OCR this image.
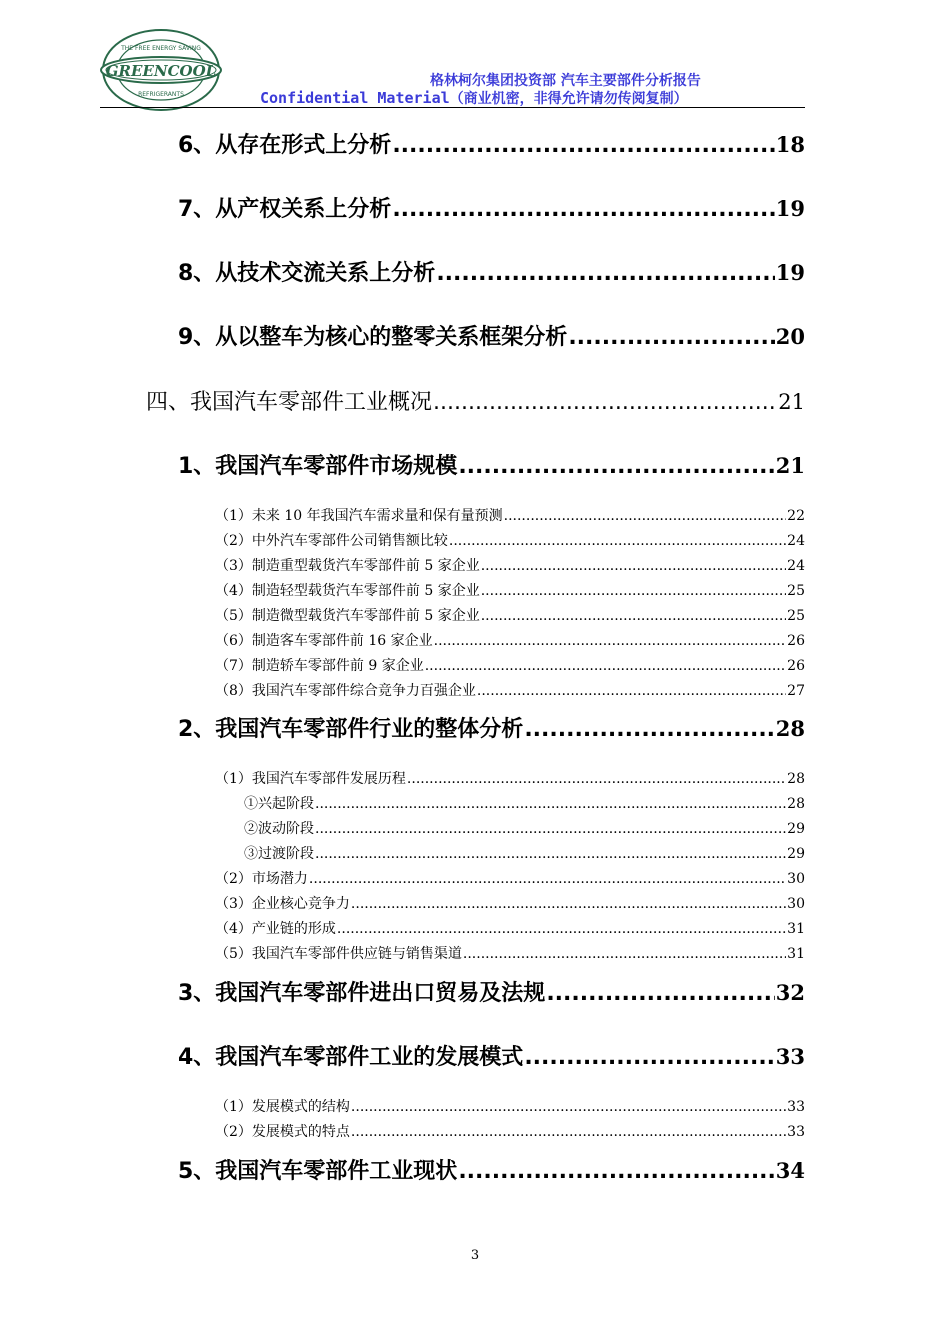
GREENCOOL
THE FREE ENERGY SAVING
REFRIGERANTS
格林柯尔集团投资部 汽车主要部件分析报告
Confidential Material（商业机密，非得允许请勿传阅复制）
6、从存在形式上分析 .....	18
7、从产权关系上分析 .....	19
8、从技术交流关系上分析 .....	19
9、从以整车为核心的整零关系框架分析 .....	20
四、我国汽车零部件工业概况 .....	21
1、我国汽车零部件市场规模 .....	21
（1）未来 10 年我国汽车需求量和保有量预测 .....	22
（2）中外汽车零部件公司销售额比较 .....	24
（3）制造重型载货汽车零部件前 5 家企业 .....	24
（4）制造轻型载货汽车零部件前 5 家企业 .....	25
（5）制造微型载货汽车零部件前 5 家企业 .....	25
（6）制造客车零部件前 16 家企业 .....	26
（7）制造轿车零部件前 9 家企业 .....	26
（8）我国汽车零部件综合竞争力百强企业 .....	27
2、我国汽车零部件行业的整体分析 .....	28
（1）我国汽车零部件发展历程 .....	28
①兴起阶段 .....	28
②波动阶段 .....	29
③过渡阶段 .....	29
（2）市场潜力 .....	30
（3）企业核心竞争力 .....	30
（4）产业链的形成 .....	31
（5）我国汽车零部件供应链与销售渠道 .....	31
3、我国汽车零部件进出口贸易及法规 .....	32
4、我国汽车零部件工业的发展模式 .....	33
（1）发展模式的结构 .....	33
（2）发展模式的特点 .....	33
5、我国汽车零部件工业现状 .....	34
3
